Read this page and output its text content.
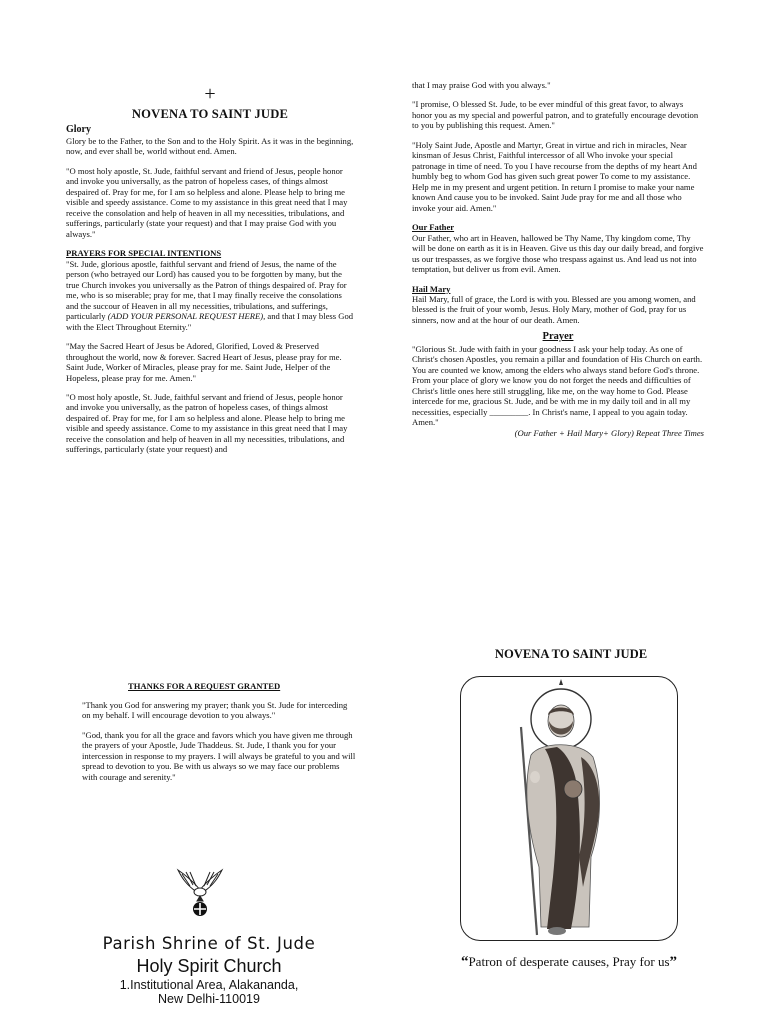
+
NOVENA TO SAINT JUDE

Glory

Glory be to the Father, to the Son and to the Holy Spirit. As it was in the beginning, now, and ever shall be, world without end. Amen.

"O most holy apostle, St. Jude, faithful servant and friend of Jesus, people honor and invoke you universally, as the patron of hopeless cases, of things almost despaired of. Pray for me, for I am so helpless and alone. Please help to bring me visible and speedy assistance. Come to my assistance in this great need that I may receive the consolation and help of heaven in all my necessities, tribulations, and sufferings, particularly (state your request) and that I may praise God with you always."

PRAYERS FOR SPECIAL INTENTIONS

"St. Jude, glorious apostle, faithful servant and friend of Jesus, the name of the person (who betrayed our Lord) has caused you to be forgotten by many, but the true Church invokes you universally as the Patron of things despaired of. Pray for me, who is so miserable; pray for me, that I may finally receive the consolations and the succour of Heaven in all my necessities, tribulations, and sufferings, particularly (ADD YOUR PERSONAL REQUEST HERE), and that I may bless God with the Elect Throughout Eternity."

"May the Sacred Heart of Jesus be Adored, Glorified, Loved & Preserved throughout the world, now & forever. Sacred Heart of Jesus, please pray for me. Saint Jude, Worker of Miracles, please pray for me. Saint Jude, Helper of the Hopeless, please pray for me. Amen."

"O most holy apostle, St. Jude, faithful servant and friend of Jesus, people honor and invoke you universally, as the patron of hopeless cases, of things almost despaired of. Pray for me, for I am so helpless and alone. Please help to bring me visible and speedy assistance. Come to my assistance in this great need that I may receive the consolation and help of heaven in all my necessities, tribulations, and sufferings, particularly (state your request) and

that I may praise God with you always."

"I promise, O blessed St. Jude, to be ever mindful of this great favor, to always honor you as my special and powerful patron, and to gratefully encourage devotion to you by publishing this request. Amen."

"Holy Saint Jude, Apostle and Martyr, Great in virtue and rich in miracles, Near kinsman of Jesus Christ, Faithful intercessor of all Who invoke your special patronage in time of need. To you I have recourse from the depths of my heart And humbly beg to whom God has given such great power To come to my assistance. Help me in my present and urgent petition. In return I promise to make your name known And cause you to be invoked. Saint Jude pray for me and all those who invoke your aid. Amen."

Our Father

Our Father, who art in Heaven, hallowed be Thy Name, Thy kingdom come, Thy will be done on earth as it is in Heaven. Give us this day our daily bread, and forgive us our trespasses, as we forgive those who trespass against us. And lead us not into temptation, but deliver us from evil. Amen.

Hail Mary

Hail Mary, full of grace, the Lord is with you. Blessed are you among women, and blessed is the fruit of your womb, Jesus. Holy Mary, mother of God, pray for us sinners, now and at the hour of our death. Amen.

Prayer

"Glorious St. Jude with faith in your goodness I ask your help today. As one of Christ's chosen Apostles, you remain a pillar and foundation of His Church on earth. You are counted we know, among the elders who always stand before God's throne. From your place of glory we know you do not forget the needs and difficulties of Christ's little ones here still struggling, like me, on the way home to God. Please intercede for me, gracious St. Jude, and be with me in my daily toil and in all my necessities, especially _________. In Christ's name, I appeal to you again today. Amen."

(Our Father + Hail Mary+ Glory) Repeat Three Times

THANKS FOR A REQUEST GRANTED

"Thank you God for answering my prayer; thank you St. Jude for interceding on my behalf. I will encourage devotion to you always."

"God, thank you for all the grace and favors which you have given me through the prayers of your Apostle, Jude Thaddeus. St. Jude, I thank you for your intercession in response to my prayers. I will always be grateful to you and will spread to devotion to you. Be with us always so we may face our problems with courage and serenity."

Parish Shrine of St. Jude
Holy Spirit Church
1.Institutional Area, Alakananda,
New Delhi-110019
NOVENA TO SAINT JUDE
“Patron of desperate causes, Pray for us”
